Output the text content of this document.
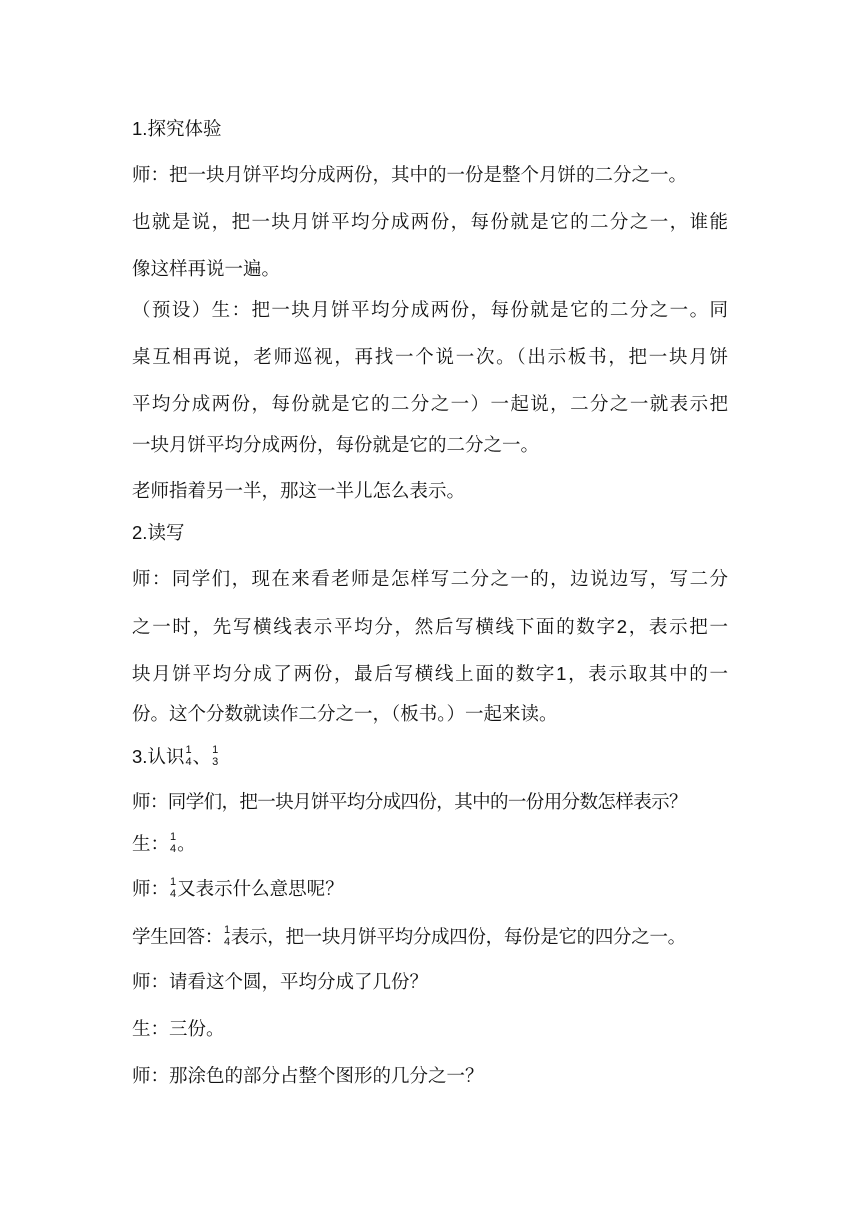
1.探究体验
师：把一块月饼平均分成两份，其中的一份是整个月饼的二分之一。
也就是说，把一块月饼平均分成两份，每份就是它的二分之一，谁能
像这样再说一遍。
（预设）生：把一块月饼平均分成两份，每份就是它的二分之一。同
桌互相再说，老师巡视，再找一个说一次。（出示板书，把一块月饼
平均分成两份，每份就是它的二分之一）一起说，二分之一就表示把
一块月饼平均分成两份，每份就是它的二分之一。
老师指着另一半，那这一半儿怎么表示。
2.读写
师：同学们，现在来看老师是怎样写二分之一的，边说边写，写二分
之一时，先写横线表示平均分，然后写横线下面的数字2，表示把一
块月饼平均分成了两份，最后写横线上面的数字1，表示取其中的一
份。这个分数就读作二分之一，（板书。）一起来读。
3.认识 1
4 、 1
3
师：同学们，把一块月饼平均分成四份，其中的一份用分数怎样表示？
生： 1
4 。
师： 1
4 又表示什么意思呢？
学生回答： 1
4 表示，把一块月饼平均分成四份，每份是它的四分之一。
师：请看这个圆，平均分成了几份？
生：三份。
师：那涂色的部分占整个图形的几分之一？
